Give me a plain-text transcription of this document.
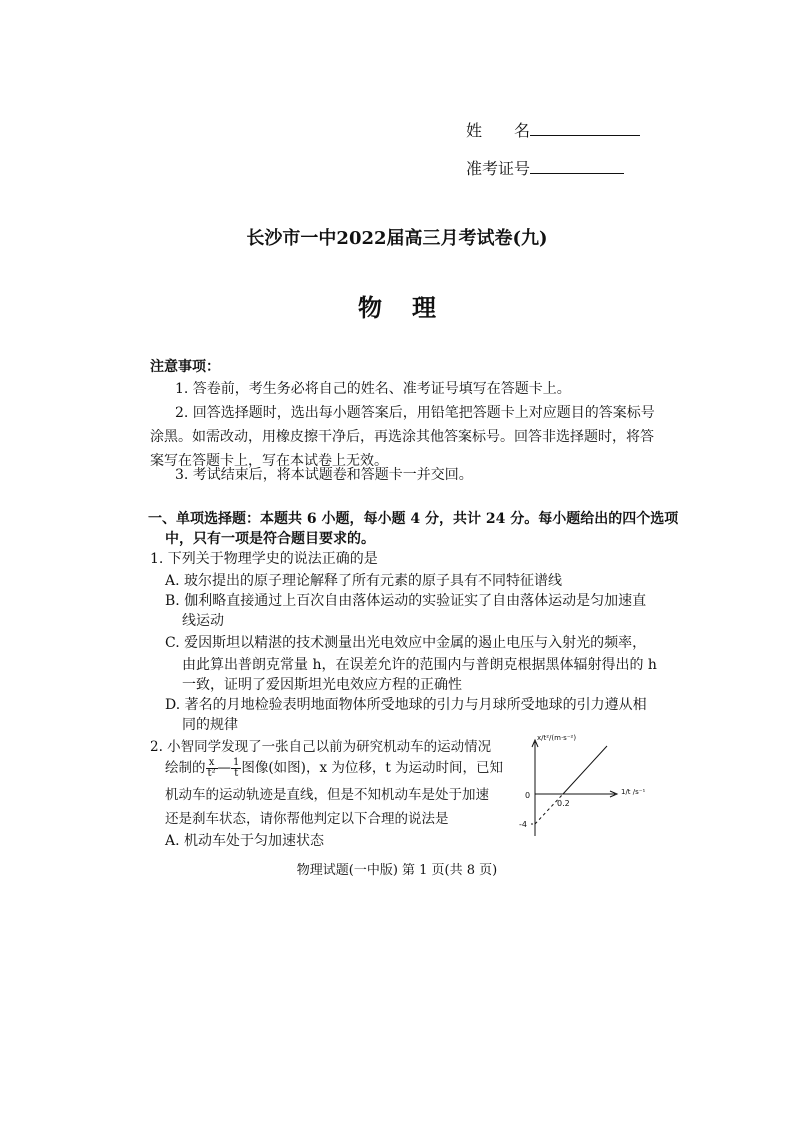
姓　　名
准考证号
长沙市一中2022届高三月考试卷(九)
物理
注意事项：
1. 答卷前，考生务必将自己的姓名、准考证号填写在答题卡上。
2. 回答选择题时，选出每小题答案后，用铅笔把答题卡上对应题目的答案标号
涂黑。如需改动，用橡皮擦干净后，再选涂其他答案标号。回答非选择题时，将答
案写在答题卡上，写在本试卷上无效。
3. 考试结束后，将本试题卷和答题卡一并交回。
一、单项选择题：本题共 6 小题，每小题 4 分，共计 24 分。每小题给出的四个选项
中，只有一项是符合题目要求的。
1. 下列关于物理学史的说法正确的是
A. 玻尔提出的原子理论解释了所有元素的原子具有不同特征谱线
B. 伽利略直接通过上百次自由落体运动的实验证实了自由落体运动是匀加速直
线运动
C. 爱因斯坦以精湛的技术测量出光电效应中金属的遏止电压与入射光的频率，
由此算出普朗克常量 h，在误差允许的范围内与普朗克根据黑体辐射得出的 h
一致，证明了爱因斯坦光电效应方程的正确性
D. 著名的月地检验表明地面物体所受地球的引力与月球所受地球的引力遵从相
同的规律
2. 小智同学发现了一张自己以前为研究机动车的运动情况
绘制的 $\frac{x}{\text{t²}}$ — $\frac{1}{t}$ 图像(如图)，x 为位移，t 为运动时间，已知
机动车的运动轨迹是直线，但是不知机动车是处于加速
还是刹车状态，请你帮他判定以下合理的说法是
A. 机动车处于匀加速状态
x/t²/(m·s⁻²)
1/t /s⁻¹
0
0.2
-4
物理试题(一中版) 第 1 页(共 8 页)
